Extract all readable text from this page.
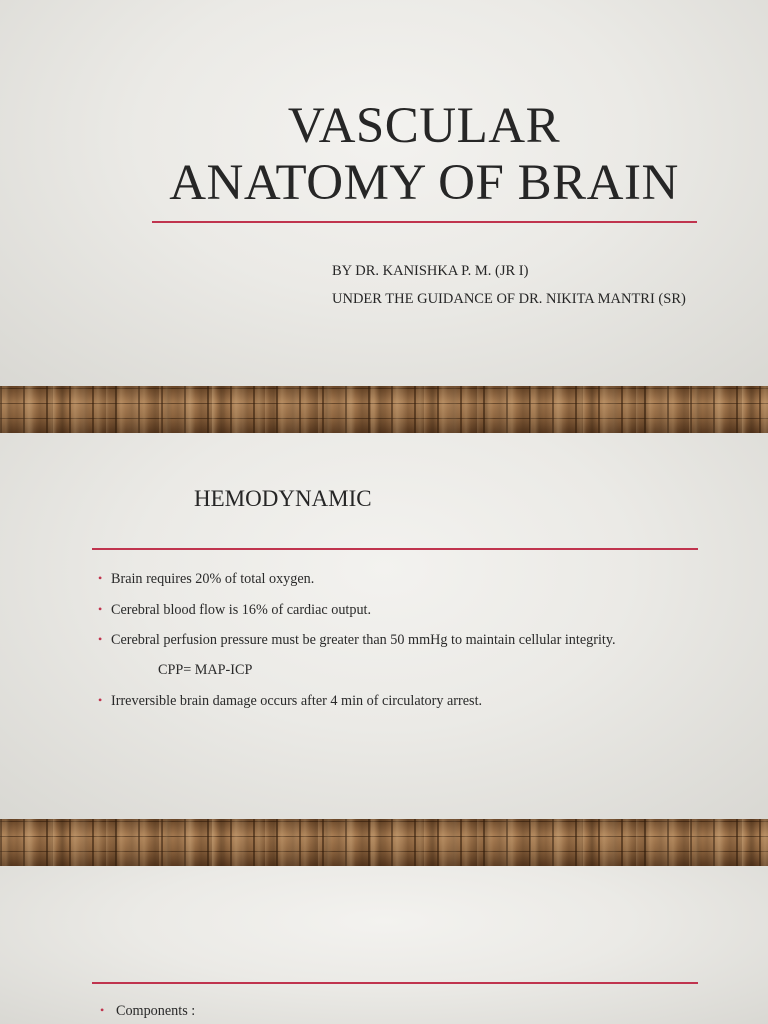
VASCULAR
ANATOMY OF BRAIN
BY DR. KANISHKA P. M. (JR I)
UNDER THE GUIDANCE OF DR. NIKITA MANTRI (SR)
HEMODYNAMIC
• Brain requires 20% of total oxygen.
• Cerebral blood flow is 16% of cardiac output.
• Cerebral perfusion pressure must be greater than 50 mmHg to maintain cellular integrity.
CPP= MAP-ICP
• Irreversible brain damage occurs after 4 min of circulatory arrest.
• Components :
